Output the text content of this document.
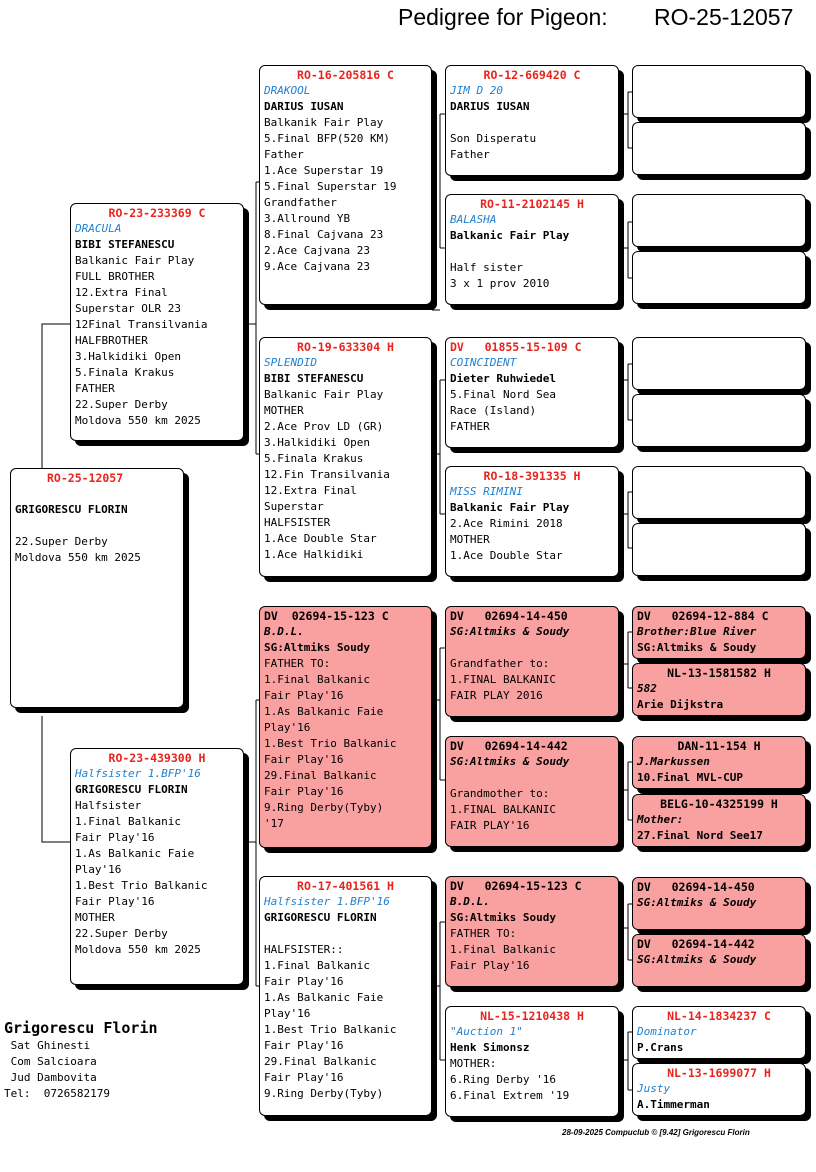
Pedigree for Pigeon: RO-25-12057
RO-25-12057

GRIGORESCU FLORIN

22.Super Derby
Moldova 550 km 2025
RO-23-233369 C
DRACULA
BIBI STEFANESCU
Balkanic Fair Play
FULL BROTHER
12.Extra Final
Superstar OLR 23
12Final Transilvania
HALFBROTHER
3.Halkidiki Open
5.Finala Krakus
FATHER
22.Super Derby
Moldova 550 km 2025
RO-23-439300 H
Halfsister 1.BFP'16
GRIGORESCU FLORIN
Halfsister
1.Final Balkanic
Fair Play'16
1.As Balkanic Faie
Play'16
1.Best Trio Balkanic
Fair Play'16
MOTHER
22.Super Derby
Moldova 550 km 2025
RO-16-205816 C
DRAKOOL
DARIUS IUSAN
Balkanik Fair Play
5.Final BFP(520 KM)
Father
1.Ace Superstar 19
5.Final Superstar 19
Grandfather
3.Allround YB
8.Final Cajvana 23
2.Ace Cajvana 23
9.Ace Cajvana 23
RO-19-633304 H
SPLENDID
BIBI STEFANESCU
Balkanic Fair Play
MOTHER
2.Ace Prov LD (GR)
3.Halkidiki Open
5.Finala Krakus
12.Fin Transilvania
12.Extra Final
Superstar
HALFSISTER
1.Ace Double Star
1.Ace Halkidiki
DV  02694-15-123 C
B.D.L.
SG:Altmiks Soudy
FATHER TO:
1.Final Balkanic
Fair Play'16
1.As Balkanic Faie
Play'16
1.Best Trio Balkanic
Fair Play'16
29.Final Balkanic
Fair Play'16
9.Ring Derby(Tyby)
'17
RO-17-401561 H
Halfsister 1.BFP'16
GRIGORESCU FLORIN

HALFSISTER::
1.Final Balkanic
Fair Play'16
1.As Balkanic Faie
Play'16
1.Best Trio Balkanic
Fair Play'16
29.Final Balkanic
Fair Play'16
9.Ring Derby(Tyby)
RO-12-669420 C
JIM D 20
DARIUS IUSAN

Son Disperatu
Father
RO-11-2102145 H
BALASHA
Balkanic Fair Play

Half sister
3 x 1 prov 2010
DV   01855-15-109 C
COINCIDENT
Dieter Ruhwiedel
5.Final Nord Sea
Race (Island)
FATHER
RO-18-391335 H
MISS RIMINI
Balkanic Fair Play
2.Ace Rimini 2018
MOTHER
1.Ace Double Star
DV   02694-14-450
SG:Altmiks & Soudy

Grandfather to:
1.FINAL BALKANIC
FAIR PLAY 2016
DV   02694-14-442
SG:Altmiks & Soudy

Grandmother to:
1.FINAL BALKANIC
FAIR PLAY'16
DV   02694-15-123 C
B.D.L.
SG:Altmiks Soudy
FATHER TO:
1.Final Balkanic
Fair Play'16
NL-15-1210438 H
"Auction 1"
Henk Simonsz
MOTHER:
6.Ring Derby '16
6.Final Extrem '19
DV   02694-12-884 C
Brother:Blue River
SG:Altmiks & Soudy
NL-13-1581582 H
582
Arie Dijkstra
DAN-11-154 H
J.Markussen
10.Final MVL-CUP
BELG-10-4325199 H
Mother:
27.Final Nord See17
DV   02694-14-450
SG:Altmiks & Soudy
DV   02694-14-442
SG:Altmiks & Soudy
NL-14-1834237 C
Dominator
P.Crans
NL-13-1699077 H
Justy
A.Timmerman
Grigorescu Florin
Sat Ghinesti
Com Salcioara
Jud Dambovita
Tel:  0726582179
28-09-2025 Compuclub © [9.42] Grigorescu Florin
